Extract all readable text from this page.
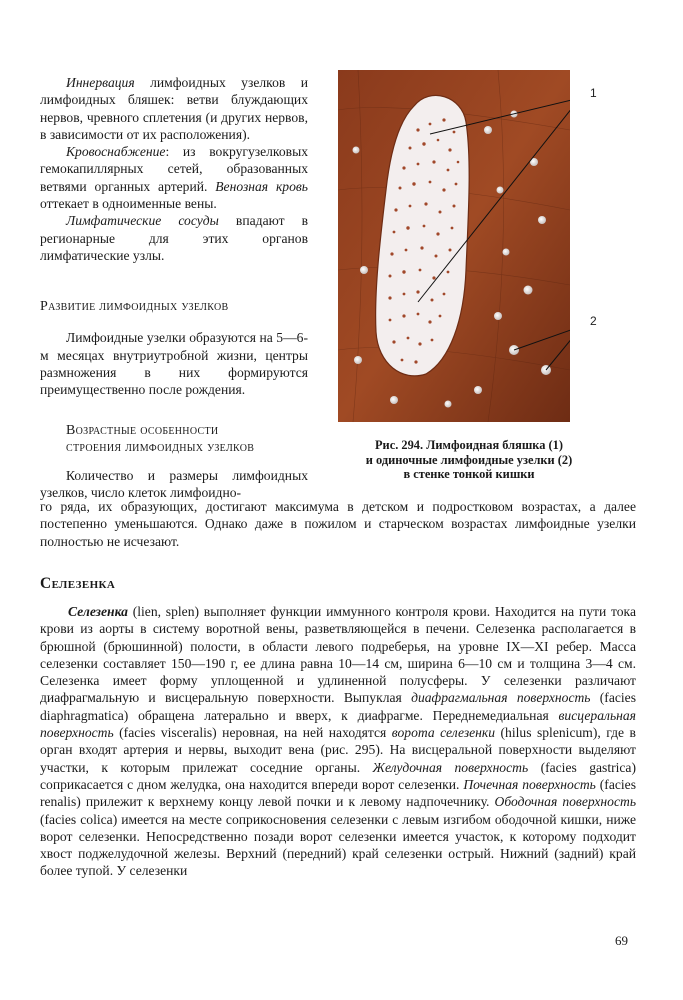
Иннервация лимфоидных узелков и лимфоидных бляшек: ветви блуждающих нервов, чревного сплетения (и других нервов, в зависимости от их расположения).

Кровоснабжение: из вокругузелковых гемокапиллярных сетей, образованных ветвями органных артерий. Венозная кровь оттекает в одноименные вены.

Лимфатические сосуды впадают в регионарные для этих органов лимфатические узлы.

Развитие лимфоидных узелков

Лимфоидные узелки образуются на 5—6-м месяцах внутриутробной жизни, центры размножения в них формируются преимущественно после рождения.

Возрастные особенности
строения лимфоидных узелков

Количество и размеры лимфоидных узелков, число клеток лимфоидно-

1
2
Рис. 294. Лимфоидная бляшка (1)
и одиночные лимфоидные узелки (2)
в стенке тонкой кишки

го ряда, их образующих, достигают максимума в детском и подростковом возрастах, а далее постепенно уменьшаются. Однако даже в пожилом и старческом возрастах лимфоидные узелки полностью не исчезают.

Селезенка

Селезенка (lien, splen) выполняет функции иммунного контроля крови. Находится на пути тока крови из аорты в систему воротной вены, разветвляющейся в печени. Селезенка располагается в брюшной (брюшинной) полости, в области левого подреберья, на уровне IX—XI ребер. Масса селезенки составляет 150—190 г, ее длина равна 10—14 см, ширина 6—10 см и толщина 3—4 см. Селезенка имеет форму уплощенной и удлиненной полусферы. У селезенки различают диафрагмальную и висцеральную поверхности. Выпуклая диафрагмальная поверхность (facies diaphragmatica) обращена латерально и вверх, к диафрагме. Переднемедиальная висцеральная поверхность (facies visceralis) неровная, на ней находятся ворота селезенки (hilus splenicum), где в орган входят артерия и нервы, выходит вена (рис. 295). На висцеральной поверхности выделяют участки, к которым прилежат соседние органы. Желудочная поверхность (facies gastrica) соприкасается с дном желудка, она находится впереди ворот селезенки. Почечная поверхность (facies renalis) прилежит к верхнему концу левой почки и к левому надпочечнику. Ободочная поверхность (facies colica) имеется на месте соприкосновения селезенки с левым изгибом ободочной кишки, ниже ворот селезенки. Непосредственно позади ворот селезенки имеется участок, к которому подходит хвост поджелудочной железы. Верхний (передний) край селезенки острый. Нижний (задний) край более тупой. У селезенки

69
